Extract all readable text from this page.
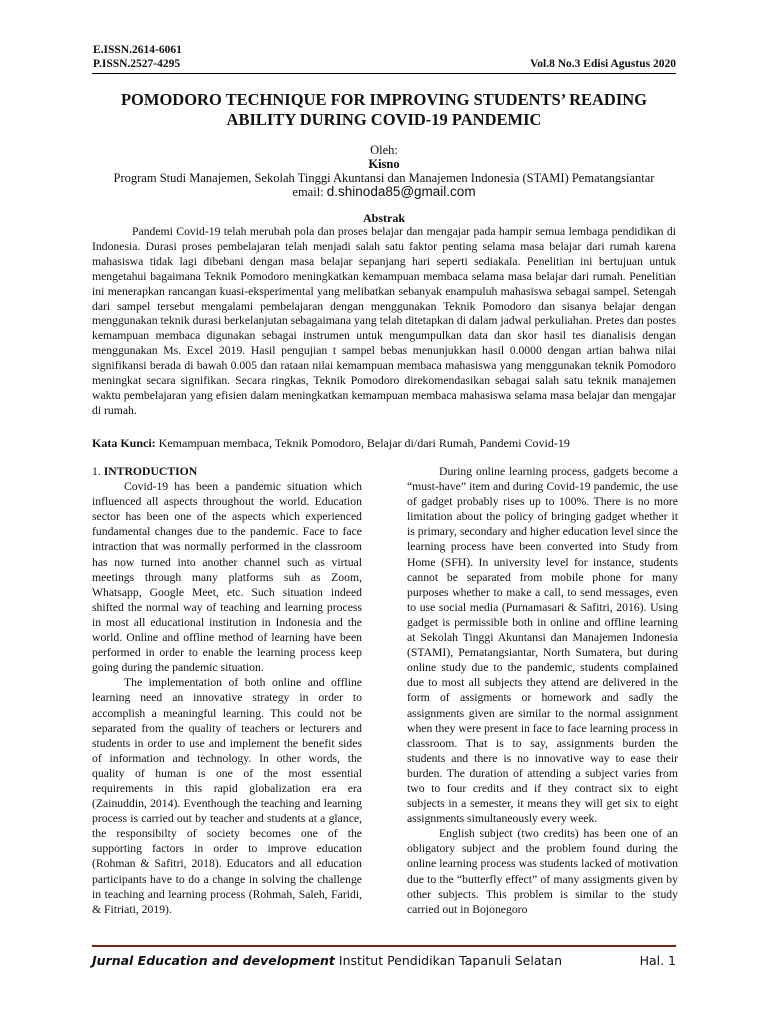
E.ISSN.2614-6061
P.ISSN.2527-4295	Vol.8 No.3 Edisi Agustus 2020
POMODORO TECHNIQUE FOR IMPROVING STUDENTS’ READING ABILITY DURING COVID-19 PANDEMIC
Oleh:
Kisno
Program Studi Manajemen, Sekolah Tinggi Akuntansi dan Manajemen Indonesia (STAMI) Pematangsiantar
email: d.shinoda85@gmail.com
Abstrak

Pandemi Covid-19 telah merubah pola dan proses belajar dan mengajar pada hampir semua lembaga pendidikan di Indonesia. Durasi proses pembelajaran telah menjadi salah satu faktor penting selama masa belajar dari rumah karena mahasiswa tidak lagi dibebani dengan masa belajar sepanjang hari seperti sediakala. Penelitian ini bertujuan untuk mengetahui bagaimana Teknik Pomodoro meningkatkan kemampuan membaca selama masa belajar dari rumah. Penelitian ini menerapkan rancangan kuasi-eksperimental yang melibatkan sebanyak enampuluh mahasiswa sebagai sampel. Setengah dari sampel tersebut mengalami pembelajaran dengan menggunakan Teknik Pomodoro dan sisanya belajar dengan menggunakan teknik durasi berkelanjutan sebagaimana yang telah ditetapkan di dalam jadwal perkuliahan. Pretes dan postes kemampuan membaca digunakan sebagai instrumen untuk mengumpulkan data dan skor hasil tes dianalisis dengan menggunakan Ms. Excel 2019. Hasil pengujian t sampel bebas menunjukkan hasil 0.0000 dengan artian bahwa nilai signifikansi berada di bawah 0.005 dan rataan nilai kemampuan membaca mahasiswa yang menggunakan teknik Pomodoro meningkat secara signifikan. Secara ringkas, Teknik Pomodoro direkomendasikan sebagai salah satu teknik manajemen waktu pembelajaran yang efisien dalam meningkatkan kemampuan membaca mahasiswa selama masa belajar dan mengajar di rumah.

Kata Kunci: Kemampuan membaca, Teknik Pomodoro, Belajar di/dari Rumah, Pandemi Covid-19

1. INTRODUCTION

Covid-19 has been a pandemic situation which influenced all aspects throughout the world. Education sector has been one of the aspects which experienced fundamental changes due to the pandemic. Face to face intraction that was normally performed in the classroom has now turned into another channel such as virtual meetings through many platforms suh as Zoom, Whatsapp, Google Meet, etc. Such situation indeed shifted the normal way of teaching and learning process in most all educational institution in Indonesia and the world. Online and offline method of learning have been performed in order to enable the learning process keep going during the pandemic situation.

The implementation of both online and offline learning need an innovative strategy in order to accomplish a meaningful learning. This could not be separated from the quality of teachers or lecturers and students in order to use and implement the benefit sides of information and technology. In other words, the quality of human is one of the most essential requirements in this rapid globalization era era (Zainuddin, 2014). Eventhough the teaching and learning process is carried out by teacher and students at a glance, the responsibilty of society becomes one of the supporting factors in order to improve education (Rohman & Safitri, 2018). Educators and all education participants have to do a change in solving the challenge in teaching and learning process (Rohmah, Saleh, Faridi, & Fitriati, 2019).

During online learning process, gadgets become a “must-have” item and during Covid-19 pandemic, the use of gadget probably rises up to 100%. There is no more limitation about the policy of bringing gadget whether it is primary, secondary and higher education level since the learning process have been converted into Study from Home (SFH). In university level for instance, students cannot be separated from mobile phone for many purposes whether to make a call, to send messages, even to use social media (Purnamasari & Safitri, 2016). Using gadget is permissible both in online and offline learning at Sekolah Tinggi Akuntansi dan Manajemen Indonesia (STAMI), Pematangsiantar, North Sumatera, but during online study due to the pandemic, students complained due to most all subjects they attend are delivered in the form of assigments or homework and sadly the assignments given are similar to the normal assignment when they were present in face to face learning process in classroom. That is to say, assignments burden the students and there is no innovative way to ease their burden. The duration of attending a subject varies from two to four credits and if they contract six to eight subjects in a semester, it means they will get six to eight assignments simultaneously every week.

English subject (two credits) has been one of an obligatory subject and the problem found during the online learning process was students lacked of motivation due to the “butterfly effect” of many assigments given by other subjects. This problem is similar to the study carried out in Bojonegoro

Jurnal Education and development Institut Pendidikan Tapanuli Selatan	Hal. 1
